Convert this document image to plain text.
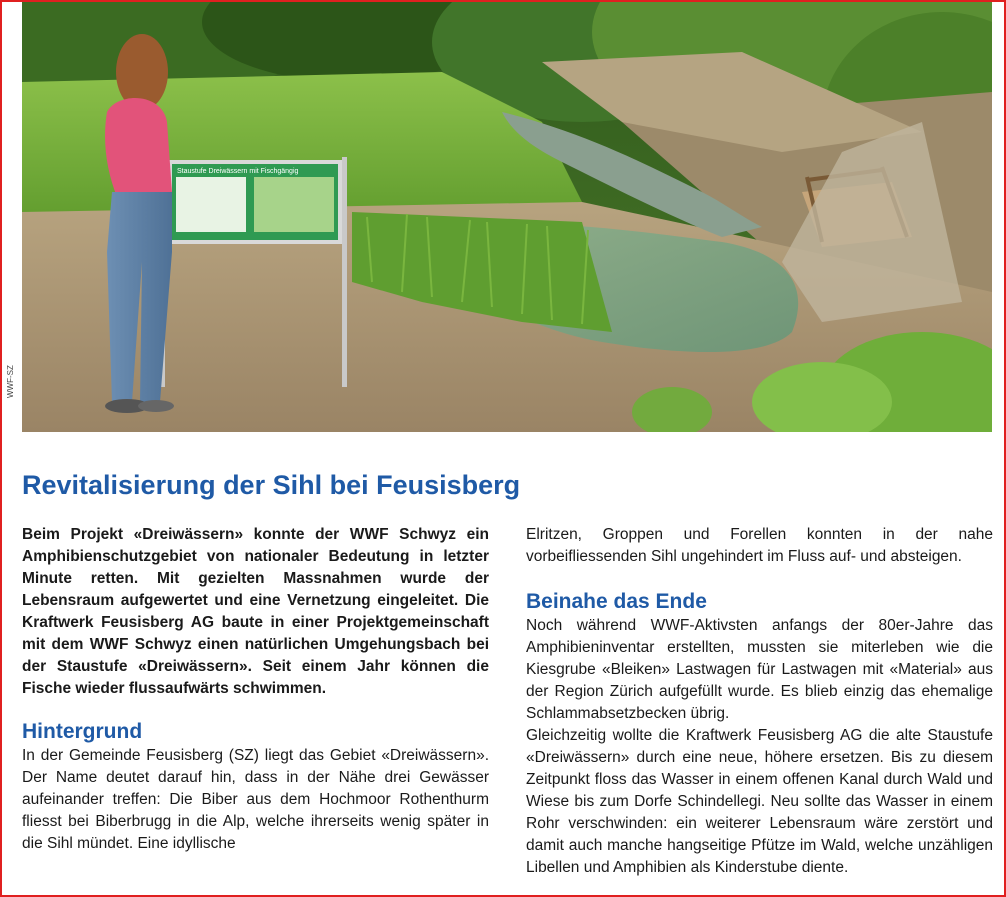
Staustufe Dreiwässern mit Fischgängig
WWF-SZ
Revitalisierung der Sihl bei Feusisberg

Beim Projekt «Dreiwässern» konnte der WWF Schwyz ein Amphibienschutzgebiet von nationaler Bedeutung in letzter Minute retten. Mit gezielten Massnahmen wurde der Lebensraum aufgewertet und eine Vernetzung eingeleitet. Die Kraftwerk Feusisberg AG baute in einer Projektgemeinschaft mit dem WWF Schwyz einen natürlichen Umgehungsbach bei der Staustufe «Dreiwässern». Seit einem Jahr können die Fische wieder flussaufwärts schwimmen.

Hintergrund

In der Gemeinde Feusisberg (SZ) liegt das Gebiet «Dreiwässern». Der Name deutet darauf hin, dass in der Nähe drei Gewässer aufeinander treffen: Die Biber aus dem Hochmoor Rothenthurm fliesst bei Biberbrugg in die Alp, welche ihrerseits wenig später in die Sihl mündet. Eine idyllische

Elritzen, Groppen und Forellen konnten in der nahe vorbeifliessenden Sihl ungehindert im Fluss auf- und absteigen.

Beinahe das Ende

Noch während WWF-Aktivsten anfangs der 80er-Jahre das Amphibieninventar erstellten, mussten sie miterleben wie die Kiesgrube «Bleiken» Lastwagen für Lastwagen mit «Material» aus der Region Zürich aufgefüllt wurde. Es blieb einzig das ehemalige Schlammabsetzbecken übrig.

Gleichzeitig wollte die Kraftwerk Feusisberg AG die alte Staustufe «Dreiwässern» durch eine neue, höhere ersetzen. Bis zu diesem Zeitpunkt floss das Wasser in einem offenen Kanal durch Wald und Wiese bis zum Dorfe Schindellegi. Neu sollte das Wasser in einem Rohr verschwinden: ein weiterer Lebensraum wäre zerstört und damit auch manche hangseitige Pfütze im Wald, welche unzähligen Libellen und Amphibien als Kinderstube diente.
